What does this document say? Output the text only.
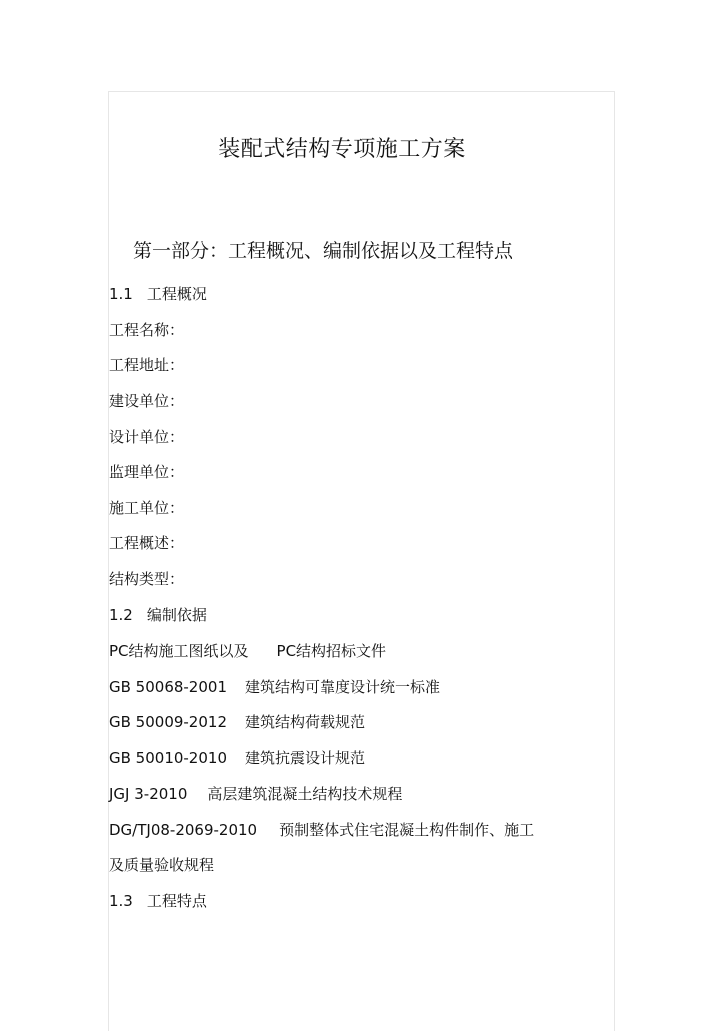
装配式结构专项施工方案
第一部分：工程概况、编制依据以及工程特点
1.1 工程概况
工程名称：
工程地址：
建设单位：
设计单位：
监理单位：
施工单位：
工程概述：
结构类型：
1.2 编制依据
PC结构施工图纸以及 PC结构招标文件
GB 50068-2001 建筑结构可靠度设计统一标准
GB 50009-2012 建筑结构荷载规范
GB 50010-2010 建筑抗震设计规范
JGJ 3-2010 高层建筑混凝土结构技术规程
DG/TJ08-2069-2010 预制整体式住宅混凝土构件制作、施工
及质量验收规程
1.3 工程特点
